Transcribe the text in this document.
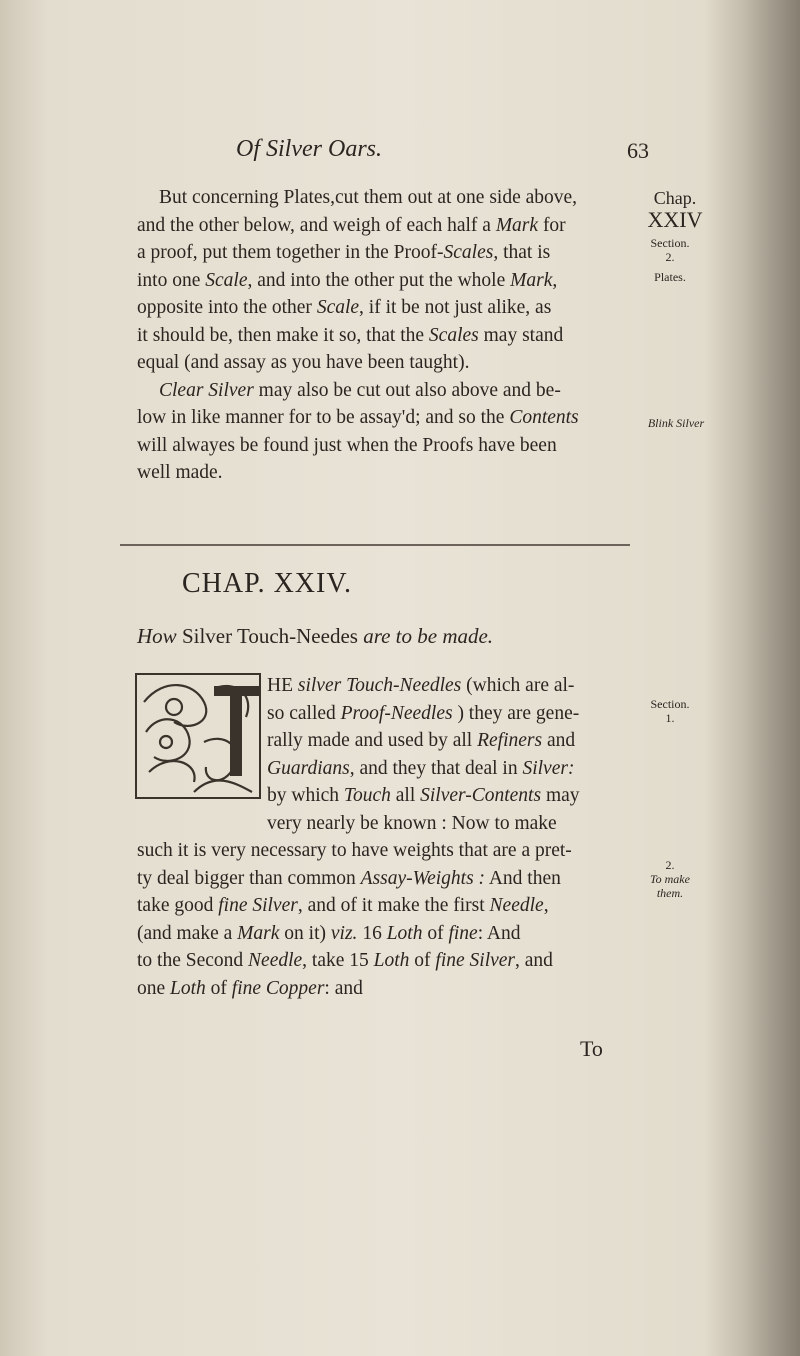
Of Silver Oars.	63
Chap.
XXIV
Section.
2.
Plates.
Blink Silver
Section.
1.
2.
To make
them.

But concerning Plates,cut them out at one side above,

and the other below, and weigh of each half a Mark for

a proof, put them together in the Proof-Scales, that is

into one Scale, and into the other put the whole Mark,

opposite into the other Scale, if it be not just alike, as

it should be, then make it so, that the Scales may stand

equal (and assay as you have been taught).

Clear Silver may also be cut out also above and be-

low in like manner for to be assay'd; and so the Contents

will alwayes be found just when the Proofs have been

well made.

CHAP. XXIV.
How Silver Touch-Needes are to be made.

HE silver Touch-Needles (which are al-

so called Proof-Needles ) they are gene-

rally made and used by all Refiners and

Guardians, and they that deal in Silver:

by which Touch all Silver-Contents may

very nearly be known : Now to make

such it is very necessary to have weights that are a pret-

ty deal bigger than common Assay-Weights : And then

take good fine Silver, and of it make the first Needle,

(and make a Mark on it) viz. 16 Loth of fine: And

to the Second Needle, take 15 Loth of fine Silver, and

one Loth of fine Copper: and

To
